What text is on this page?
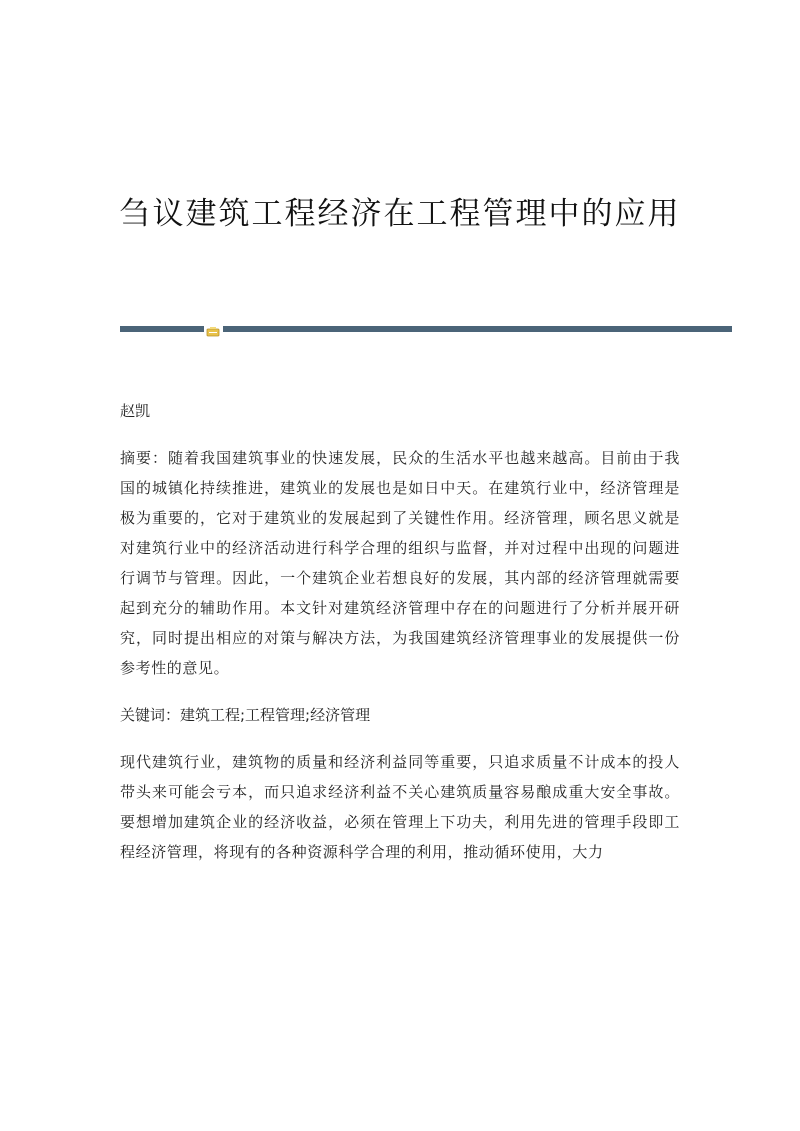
刍议建筑工程经济在工程管理中的应用

赵凯

摘要：随着我国建筑事业的快速发展，民众的生活水平也越来越高。目前由于我国的城镇化持续推进，建筑业的发展也是如日中天。在建筑行业中，经济管理是极为重要的，它对于建筑业的发展起到了关键性作用。经济管理，顾名思义就是对建筑行业中的经济活动进行科学合理的组织与监督，并对过程中出现的问题进行调节与管理。因此，一个建筑企业若想良好的发展，其内部的经济管理就需要起到充分的辅助作用。本文针对建筑经济管理中存在的问题进行了分析并展开研究，同时提出相应的对策与解决方法，为我国建筑经济管理事业的发展提供一份参考性的意见。

关键词：建筑工程;工程管理;经济管理

现代建筑行业，建筑物的质量和经济利益同等重要，只追求质量不计成本的投人带头来可能会亏本，而只追求经济利益不关心建筑质量容易酿成重大安全事故。要想增加建筑企业的经济收益，必须在管理上下功夫，利用先进的管理手段即工程经济管理，将现有的各种资源科学合理的利用，推动循环使用，大力
